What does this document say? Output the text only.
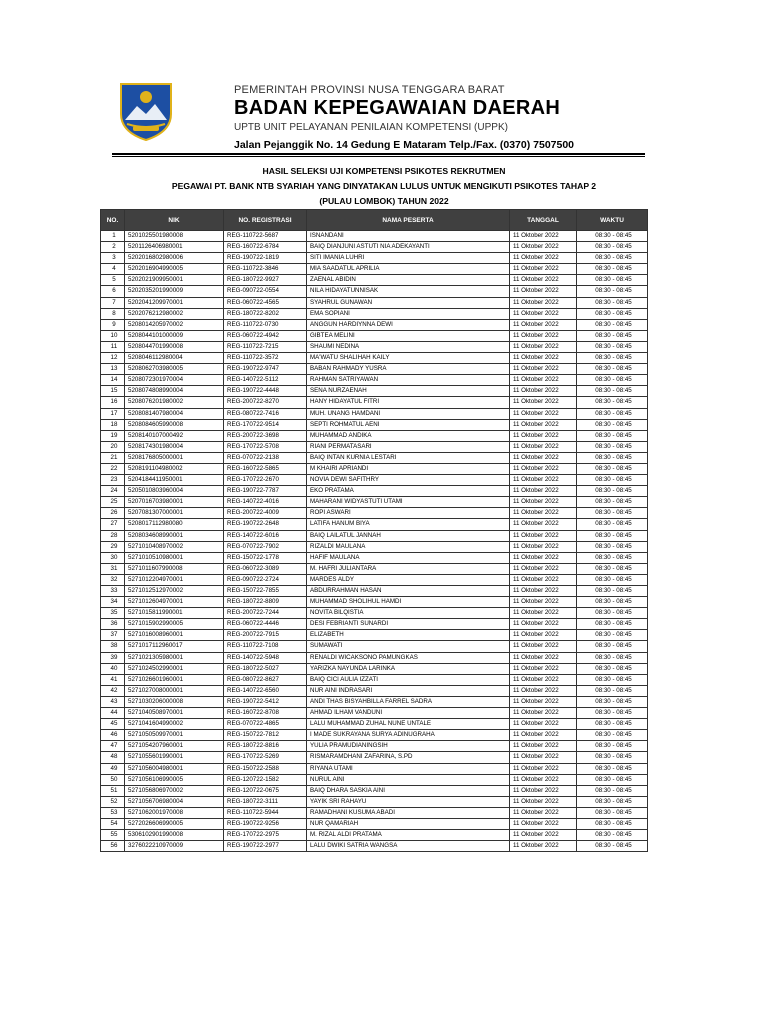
PEMERINTAH PROVINSI NUSA TENGGARA BARAT
BADAN KEPEGAWAIAN DAERAH
UPTB UNIT PELAYANAN PENILAIAN KOMPETENSI (UPPK)
Jalan Pejanggik No. 14 Gedung E Mataram Telp./Fax. (0370) 7507500
HASIL SELEKSI UJI KOMPETENSI PSIKOTES REKRUTMEN
PEGAWAI PT. BANK NTB SYARIAH YANG DINYATAKAN LULUS UNTUK MENGIKUTI PSIKOTES TAHAP 2
(PULAU LOMBOK) TAHUN 2022
NO.	NIK	NO. REGISTRASI	NAMA PESERTA	TANGGAL	WAKTU
1	5201025501980008	REG-110722-5687	ISNANDANI	11 Oktober 2022	08:30 - 08:45
2	5201126406980001	REG-160722-6784	BAIQ DIANJUNI ASTUTI NIA ADEKAYANTI	11 Oktober 2022	08:30 - 08:45
3	5202016802980006	REG-190722-1819	SITI IMANIA LUHRI	11 Oktober 2022	08:30 - 08:45
4	5202016904990005	REG-110722-3846	MIA SAADATUL APRILIA	11 Oktober 2022	08:30 - 08:45
5	5202021909950001	REG-180722-9927	ZAENAL ABIDIN	11 Oktober 2022	08:30 - 08:45
6	5202035201990009	REG-090722-0554	NILA HIDAYATUNNISAK	11 Oktober 2022	08:30 - 08:45
7	5202041209970001	REG-060722-4565	SYAHRUL GUNAWAN	11 Oktober 2022	08:30 - 08:45
8	5202076212980002	REG-180722-8202	EMA SOPIANI	11 Oktober 2022	08:30 - 08:45
9	5208014205970002	REG-110722-0730	ANGGUN HARDIYNNA DEWI	11 Oktober 2022	08:30 - 08:45
10	5208044101000009	REG-060722-4942	GIBTEA MELINI	11 Oktober 2022	08:30 - 08:45
11	5208044701990008	REG-110722-7215	SHAUMI NEDINA	11 Oktober 2022	08:30 - 08:45
12	5208046112980004	REG-110722-3572	MA'WATU SHALIHAH KAILY	11 Oktober 2022	08:30 - 08:45
13	5208062703980005	REG-190722-9747	BABAN RAHMADY YUSRA	11 Oktober 2022	08:30 - 08:45
14	5208072301970004	REG-140722-5112	RAHMAN SATRIYAWAN	11 Oktober 2022	08:30 - 08:45
15	5208074808990004	REG-190722-4448	SENA NURZAENAH	11 Oktober 2022	08:30 - 08:45
16	5208076201980002	REG-200722-8270	HANY HIDAYATUL FITRI	11 Oktober 2022	08:30 - 08:45
17	5208081407980004	REG-080722-7416	MUH. UNANG HAMDANI	11 Oktober 2022	08:30 - 08:45
18	5208084605990008	REG-170722-9514	SEPTI ROHMATUL AENI	11 Oktober 2022	08:30 - 08:45
19	5208140107000492	REG-200722-3698	MUHAMMAD ANDIKA	11 Oktober 2022	08:30 - 08:45
20	5208174301980004	REG-170722-5708	RIANI PERMATASARI	11 Oktober 2022	08:30 - 08:45
21	5208176805000001	REG-070722-2138	BAIQ INTAN KURNIA LESTARI	11 Oktober 2022	08:30 - 08:45
22	5208191104980002	REG-160722-5865	M KHAIRI APRIANDI	11 Oktober 2022	08:30 - 08:45
23	5204184411950001	REG-170722-2670	NOVIA DEWI SAFITHRY	11 Oktober 2022	08:30 - 08:45
24	5205010803960004	REG-190722-7787	EKO PRATAMA	11 Oktober 2022	08:30 - 08:45
25	5207016703980001	REG-140722-4016	MAHARANI WIDYASTUTI UTAMI	11 Oktober 2022	08:30 - 08:45
26	5207081307000001	REG-200722-4009	ROPI ASWARI	11 Oktober 2022	08:30 - 08:45
27	5208017112980080	REG-190722-2648	LATIFA HANUM BIYA	11 Oktober 2022	08:30 - 08:45
28	5208034608990001	REG-140722-6016	BAIQ LAILATUL JANNAH	11 Oktober 2022	08:30 - 08:45
29	5271010408970002	REG-070722-7902	RIZALDI MAULANA	11 Oktober 2022	08:30 - 08:45
30	5271010510980001	REG-150722-1778	HAFIF MAULANA	11 Oktober 2022	08:30 - 08:45
31	5271011607990008	REG-060722-3089	M. HAFRI JULIANTARA	11 Oktober 2022	08:30 - 08:45
32	5271012204970001	REG-090722-2724	MARDES ALDY	11 Oktober 2022	08:30 - 08:45
33	5271012512970002	REG-150722-7855	ABDURRAHMAN HASAN	11 Oktober 2022	08:30 - 08:45
34	5271012604970001	REG-180722-8809	MUHAMMAD SHOLIHUL HAMDI	11 Oktober 2022	08:30 - 08:45
35	5271015811990001	REG-200722-7244	NOVITA BILQISTIA	11 Oktober 2022	08:30 - 08:45
36	5271015902990005	REG-060722-4446	DESI FEBRIANTI SUNARDI	11 Oktober 2022	08:30 - 08:45
37	5271016008960001	REG-200722-7915	ELIZABETH	11 Oktober 2022	08:30 - 08:45
38	5271017112960017	REG-110722-7108	SUMAWATI	11 Oktober 2022	08:30 - 08:45
39	5271021305980001	REG-140722-5948	RENALDI WICAKSONO PAMUNGKAS	11 Oktober 2022	08:30 - 08:45
40	5271024502990001	REG-180722-5027	YARIZKA NAYUNDA LARINKA	11 Oktober 2022	08:30 - 08:45
41	5271026601960001	REG-080722-8627	BAIQ CICI AULIA IZZATI	11 Oktober 2022	08:30 - 08:45
42	5271027008000001	REG-140722-6560	NUR AINI INDRASARI	11 Oktober 2022	08:30 - 08:45
43	5271030206000008	REG-190722-5412	ANDI THAS BISYAHBILLA FARREL SADRA	11 Oktober 2022	08:30 - 08:45
44	5271040508970001	REG-160722-8708	AHMAD ILHAM VANDUNI	11 Oktober 2022	08:30 - 08:45
45	5271041604990002	REG-070722-4865	LALU MUHAMMAD ZUHAL NUNE UNTALE	11 Oktober 2022	08:30 - 08:45
46	5271050509970001	REG-150722-7812	I MADE SUKRAYANA SURYA ADINUGRAHA	11 Oktober 2022	08:30 - 08:45
47	5271054207960001	REG-180722-8816	YULIA PRAMUDIANINGSIH	11 Oktober 2022	08:30 - 08:45
48	5271055601990001	REG-170722-5269	RISMARAMDHANI ZAFARINA, S.PD	11 Oktober 2022	08:30 - 08:45
49	5271056004980001	REG-150722-2588	RIYANA UTAMI	11 Oktober 2022	08:30 - 08:45
50	5271056106990005	REG-120722-1582	NURUL AINI	11 Oktober 2022	08:30 - 08:45
51	5271056806970002	REG-120722-0675	BAIQ DHARA SASKIA AINI	11 Oktober 2022	08:30 - 08:45
52	5271056706980004	REG-180722-3111	YAYIK SRI RAHAYU	11 Oktober 2022	08:30 - 08:45
53	5271062001970008	REG-110722-5944	RAMADHANI KUSUMA ABADI	11 Oktober 2022	08:30 - 08:45
54	5272026606990005	REG-190722-9256	NUR QAMARIAH	11 Oktober 2022	08:30 - 08:45
55	5306102901990008	REG-170722-2975	M. RIZAL ALDI PRATAMA	11 Oktober 2022	08:30 - 08:45
56	3276022210970009	REG-190722-2977	LALU DWIKI SATRIA WANGSA	11 Oktober 2022	08:30 - 08:45
